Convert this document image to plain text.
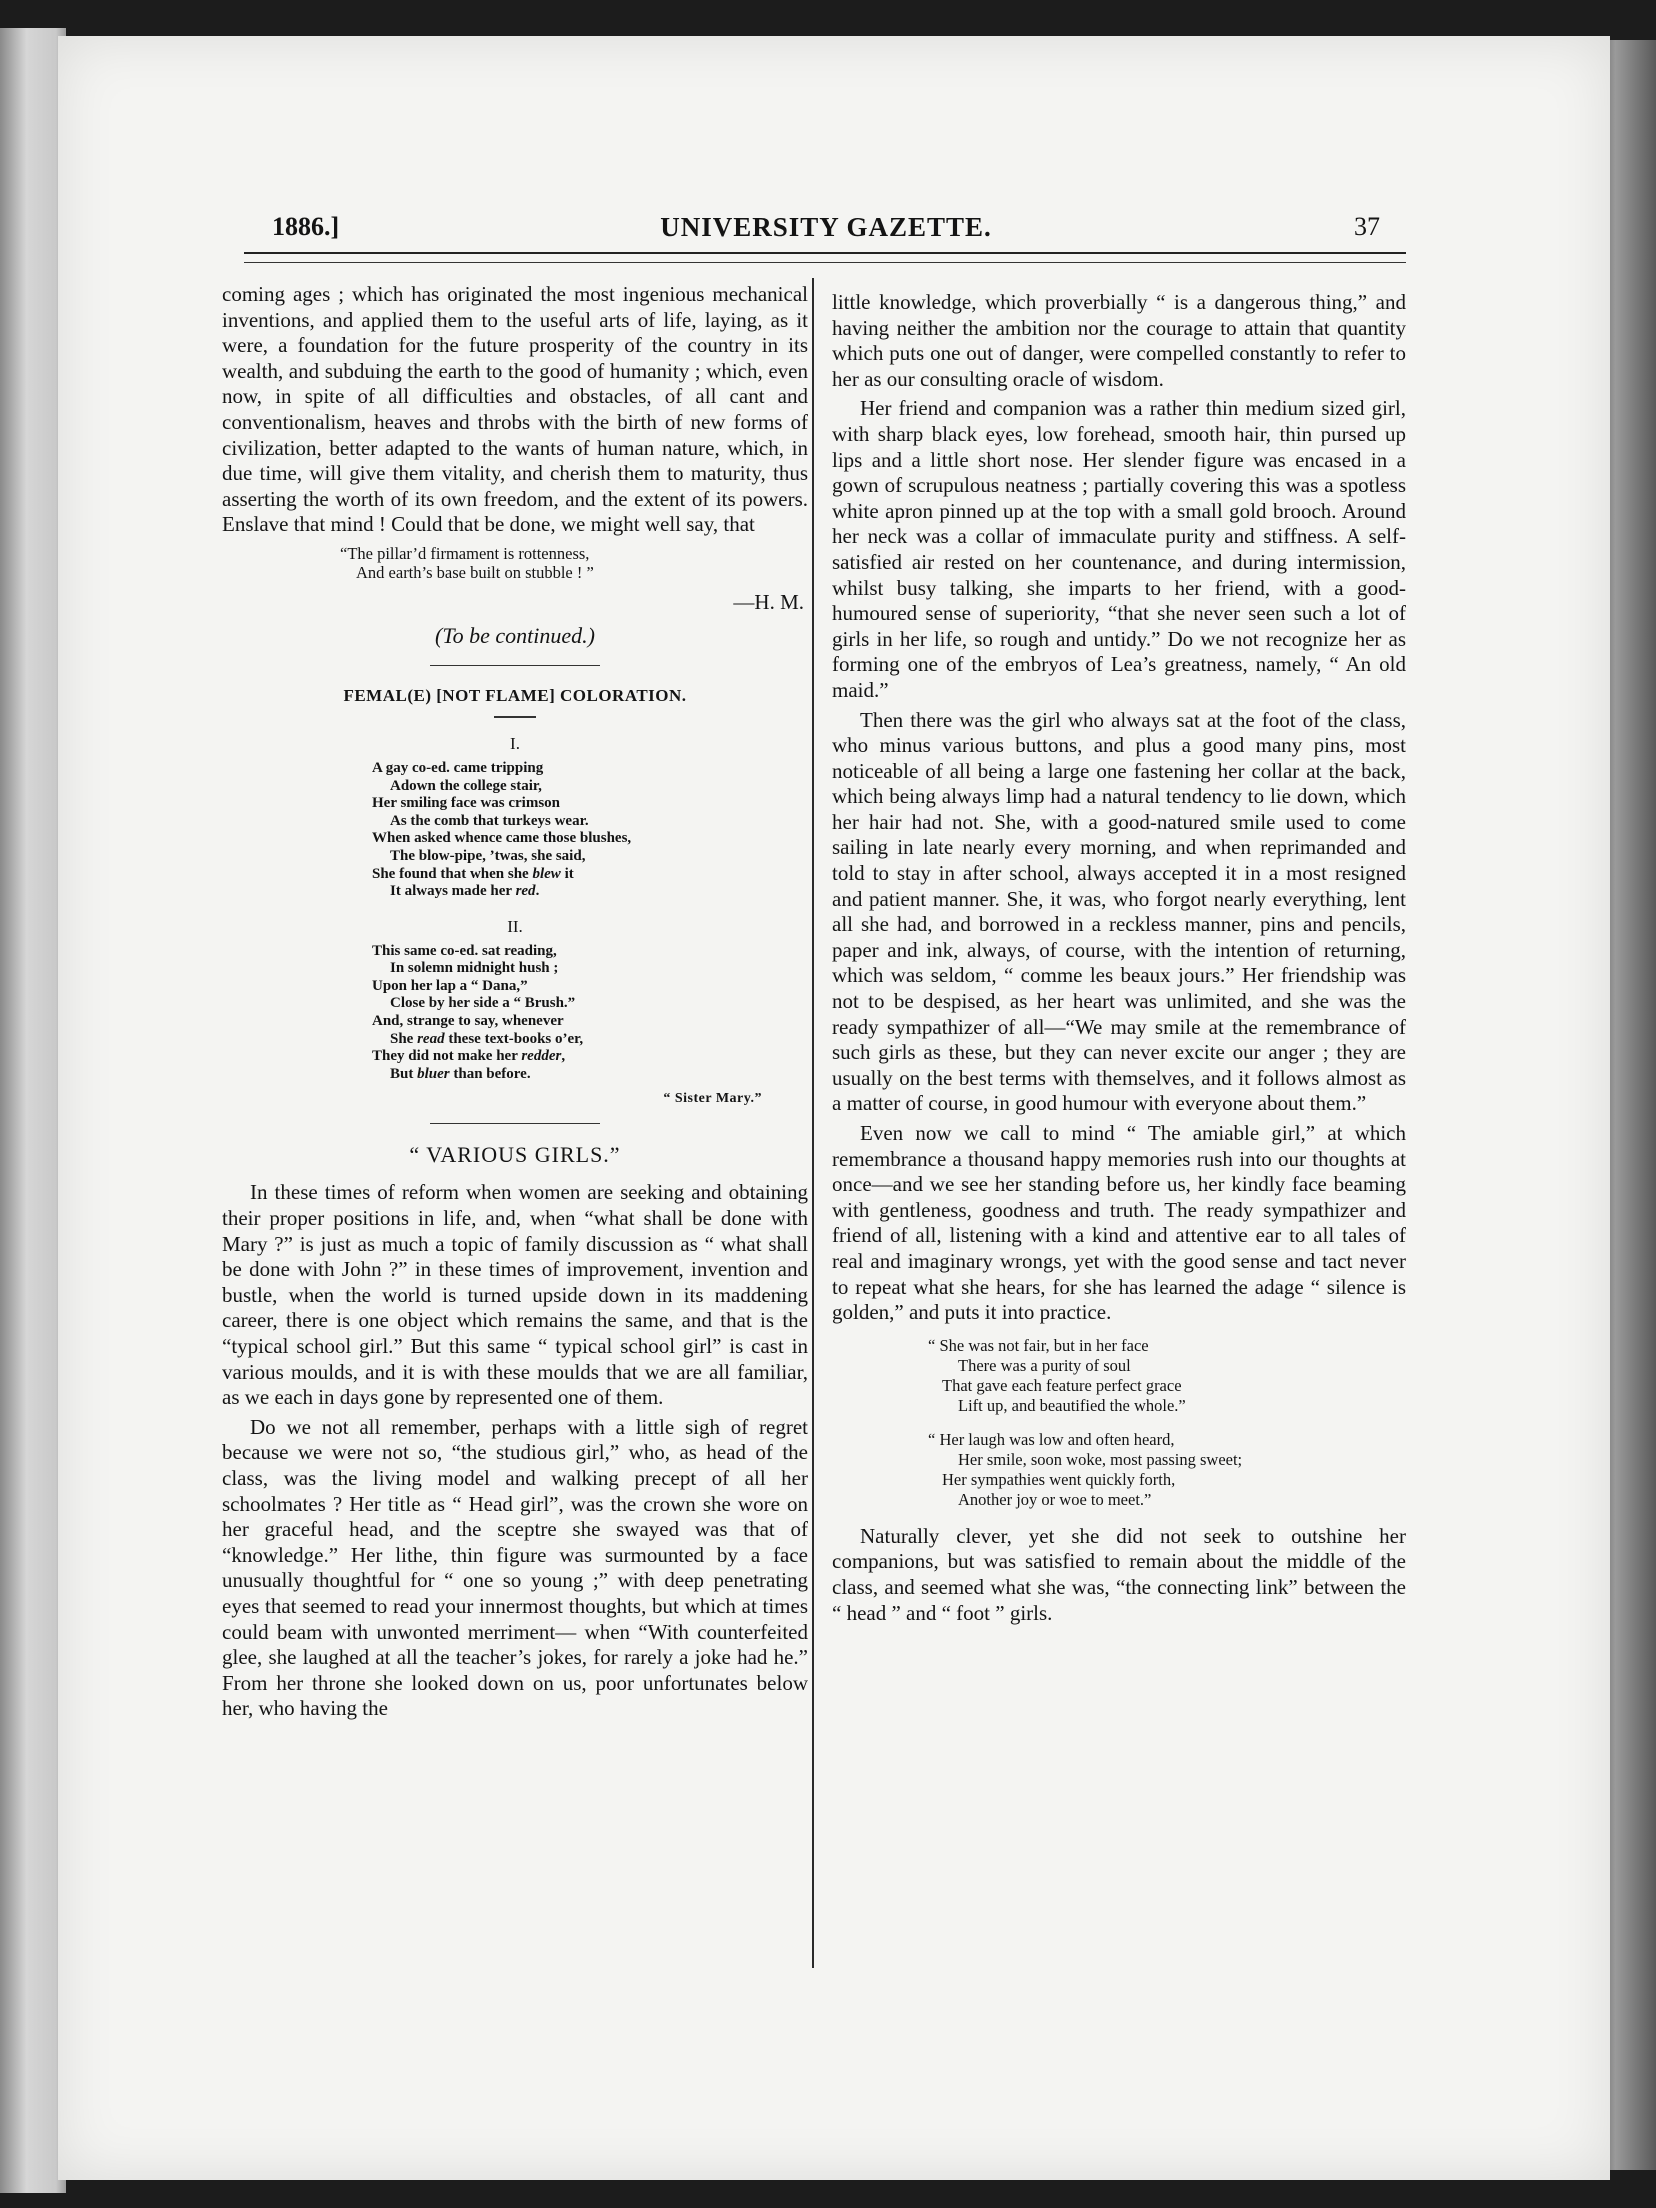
1886.]	UNIVERSITY GAZETTE.	37

coming ages ; which has originated the most ingenious mechanical inventions, and applied them to the useful arts of life, laying, as it were, a foundation for the future prosperity of the country in its wealth, and subduing the earth to the good of humanity ; which, even now, in spite of all difficulties and obstacles, of all cant and conventionalism, heaves and throbs with the birth of new forms of civilization, better adapted to the wants of human nature, which, in due time, will give them vitality, and cherish them to maturity, thus asserting the worth of its own freedom, and the extent of its powers. Enslave that mind ! Could that be done, we might well say, that

“The pillar’d firmament is rottenness,
And earth’s base built on stubble ! ”
—H. M.
(To be continued.)
FEMAL(E) [NOT FLAME] COLORATION.
I.
A gay co-ed. came tripping
Adown the college stair,
Her smiling face was crimson
As the comb that turkeys wear.
When asked whence came those blushes,
The blow-pipe, ’twas, she said,
She found that when she blew it
It always made her red.
II.
This same co-ed. sat reading,
In solemn midnight hush ;
Upon her lap a “ Dana,”
Close by her side a “ Brush.”
And, strange to say, whenever
She read these text-books o’er,
They did not make her redder,
But bluer than before.
“ Sister Mary.”
“ VARIOUS GIRLS.”

In these times of reform when women are seeking and obtaining their proper positions in life, and, when “what shall be done with Mary ?” is just as much a topic of family discussion as “ what shall be done with John ?” in these times of improvement, invention and bustle, when the world is turned upside down in its maddening career, there is one object which remains the same, and that is the “typical school girl.” But this same “ typical school girl” is cast in various moulds, and it is with these moulds that we are all familiar, as we each in days gone by represented one of them.

Do we not all remember, perhaps with a little sigh of regret because we were not so, “the studious girl,” who, as head of the class, was the living model and walking precept of all her schoolmates ? Her title as “ Head girl”, was the crown she wore on her graceful head, and the sceptre she swayed was that of “knowledge.” Her lithe, thin figure was surmounted by a face unusually thoughtful for “ one so young ;” with deep penetrating eyes that seemed to read your innermost thoughts, but which at times could beam with unwonted merriment— when “With counterfeited glee, she laughed at all the teacher’s jokes, for rarely a joke had he.” From her throne she looked down on us, poor unfortunates below her, who having the

little knowledge, which proverbially “ is a dangerous thing,” and having neither the ambition nor the courage to attain that quantity which puts one out of danger, were compelled constantly to refer to her as our consulting oracle of wisdom.

Her friend and companion was a rather thin medium sized girl, with sharp black eyes, low forehead, smooth hair, thin pursed up lips and a little short nose. Her slender figure was encased in a gown of scrupulous neatness ; partially covering this was a spotless white apron pinned up at the top with a small gold brooch. Around her neck was a collar of immaculate purity and stiffness. A self-satisfied air rested on her countenance, and during intermission, whilst busy talking, she imparts to her friend, with a good-humoured sense of superiority, “that she never seen such a lot of girls in her life, so rough and untidy.” Do we not recognize her as forming one of the embryos of Lea’s greatness, namely, “ An old maid.”

Then there was the girl who always sat at the foot of the class, who minus various buttons, and plus a good many pins, most noticeable of all being a large one fastening her collar at the back, which being always limp had a natural tendency to lie down, which her hair had not. She, with a good-natured smile used to come sailing in late nearly every morning, and when reprimanded and told to stay in after school, always accepted it in a most resigned and patient manner. She, it was, who forgot nearly everything, lent all she had, and borrowed in a reckless manner, pins and pencils, paper and ink, always, of course, with the intention of returning, which was seldom, “ comme les beaux jours.” Her friendship was not to be despised, as her heart was unlimited, and she was the ready sympathizer of all—“We may smile at the remembrance of such girls as these, but they can never excite our anger ; they are usually on the best terms with themselves, and it follows almost as a matter of course, in good humour with everyone about them.”

Even now we call to mind “ The amiable girl,” at which remembrance a thousand happy memories rush into our thoughts at once—and we see her standing before us, her kindly face beaming with gentleness, goodness and truth. The ready sympathizer and friend of all, listening with a kind and attentive ear to all tales of real and imaginary wrongs, yet with the good sense and tact never to repeat what she hears, for she has learned the adage “ silence is golden,” and puts it into practice.

“ She was not fair, but in her face
There was a purity of soul
That gave each feature perfect grace
Lift up, and beautified the whole.”
“ Her laugh was low and often heard,
Her smile, soon woke, most passing sweet;
Her sympathies went quickly forth,
Another joy or woe to meet.”

Naturally clever, yet she did not seek to outshine her companions, but was satisfied to remain about the middle of the class, and seemed what she was, “the connecting link” between the “ head ” and “ foot ” girls.
